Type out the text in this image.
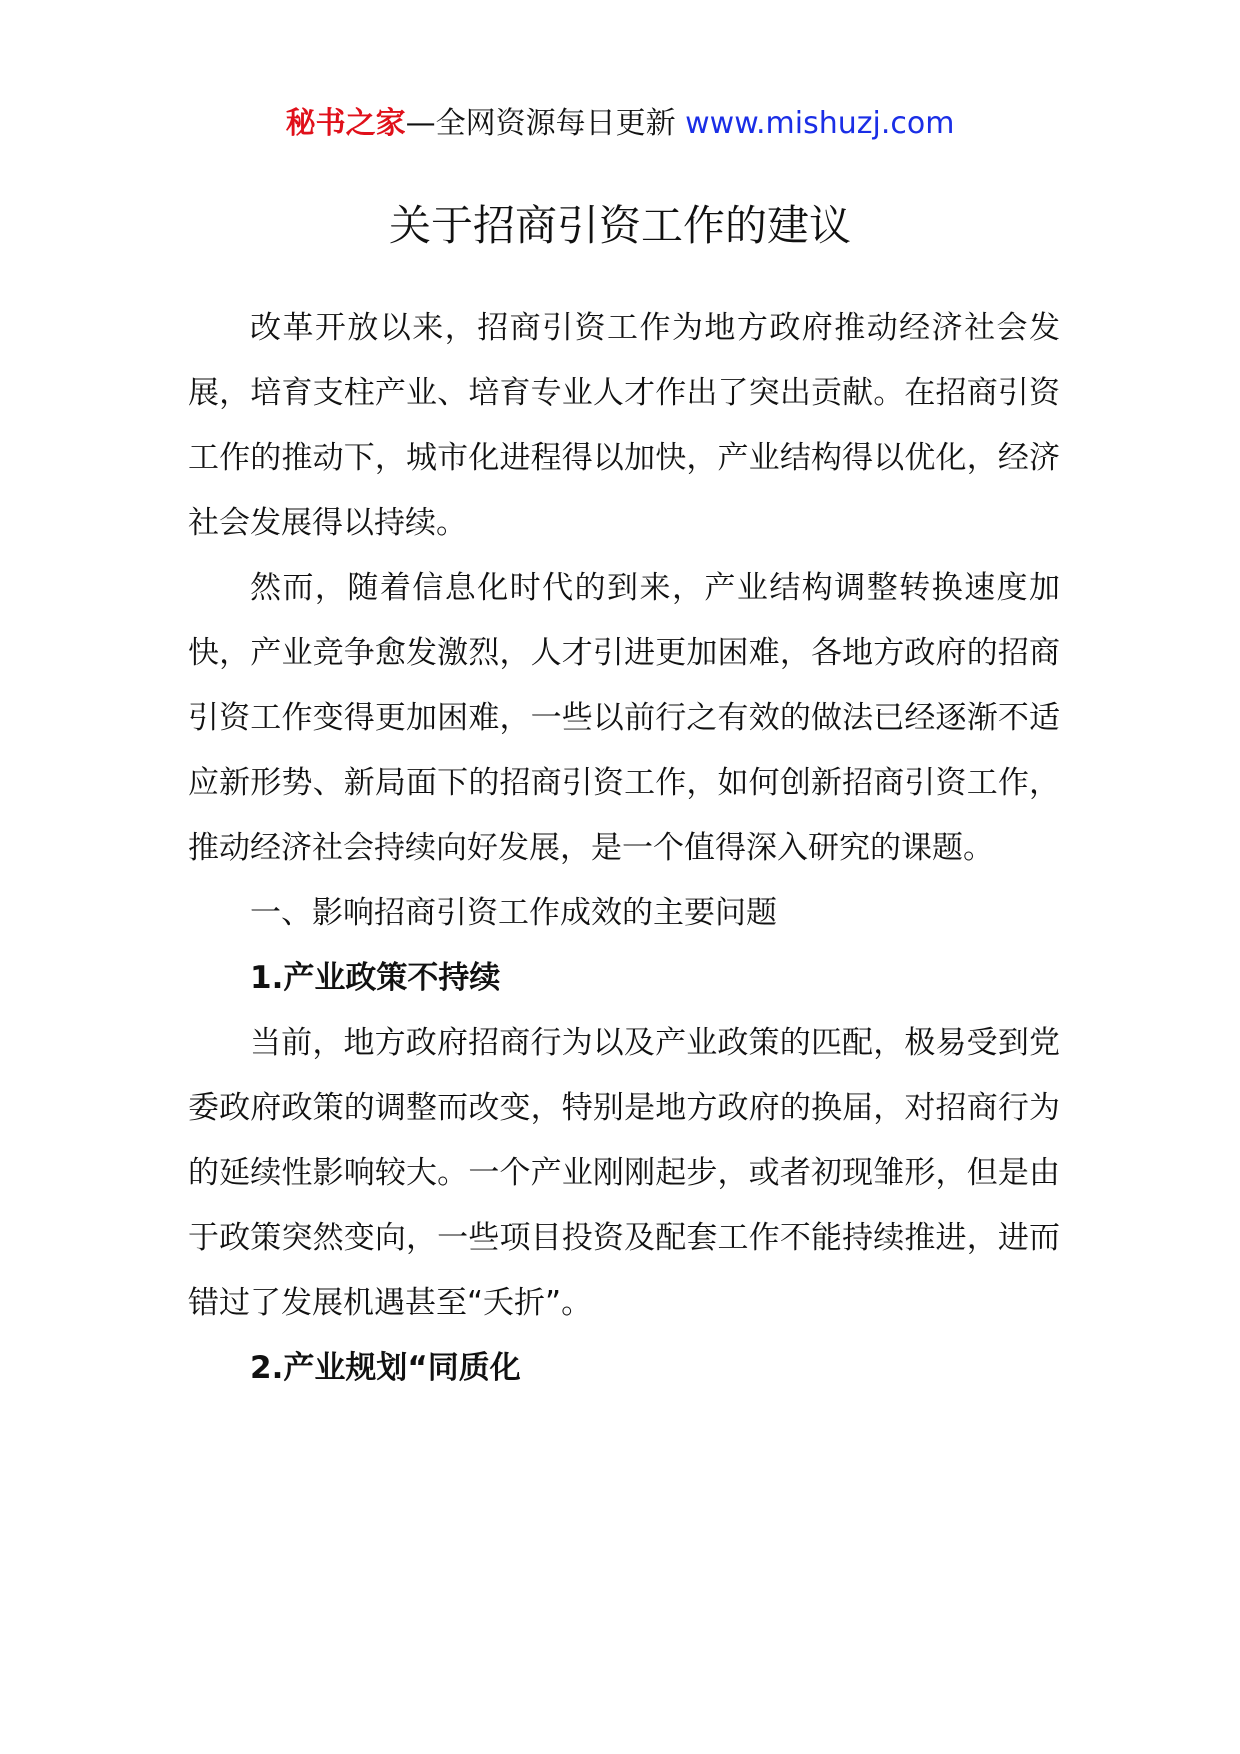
秘书之家—全网资源每日更新 www.mishuzj.com
关于招商引资工作的建议

改革开放以来，招商引资工作为地方政府推动经济社会发展，培育支柱产业、培育专业人才作出了突出贡献。在招商引资工作的推动下，城市化进程得以加快，产业结构得以优化，经济社会发展得以持续。

然而，随着信息化时代的到来，产业结构调整转换速度加快，产业竞争愈发激烈，人才引进更加困难，各地方政府的招商引资工作变得更加困难，一些以前行之有效的做法已经逐渐不适应新形势、新局面下的招商引资工作，如何创新招商引资工作，推动经济社会持续向好发展，是一个值得深入研究的课题。

一、影响招商引资工作成效的主要问题

1.产业政策不持续

当前，地方政府招商行为以及产业政策的匹配，极易受到党委政府政策的调整而改变，特别是地方政府的换届，对招商行为的延续性影响较大。一个产业刚刚起步，或者初现雏形，但是由于政策突然变向，一些项目投资及配套工作不能持续推进，进而错过了发展机遇甚至“夭折”。

2.产业规划“同质化
